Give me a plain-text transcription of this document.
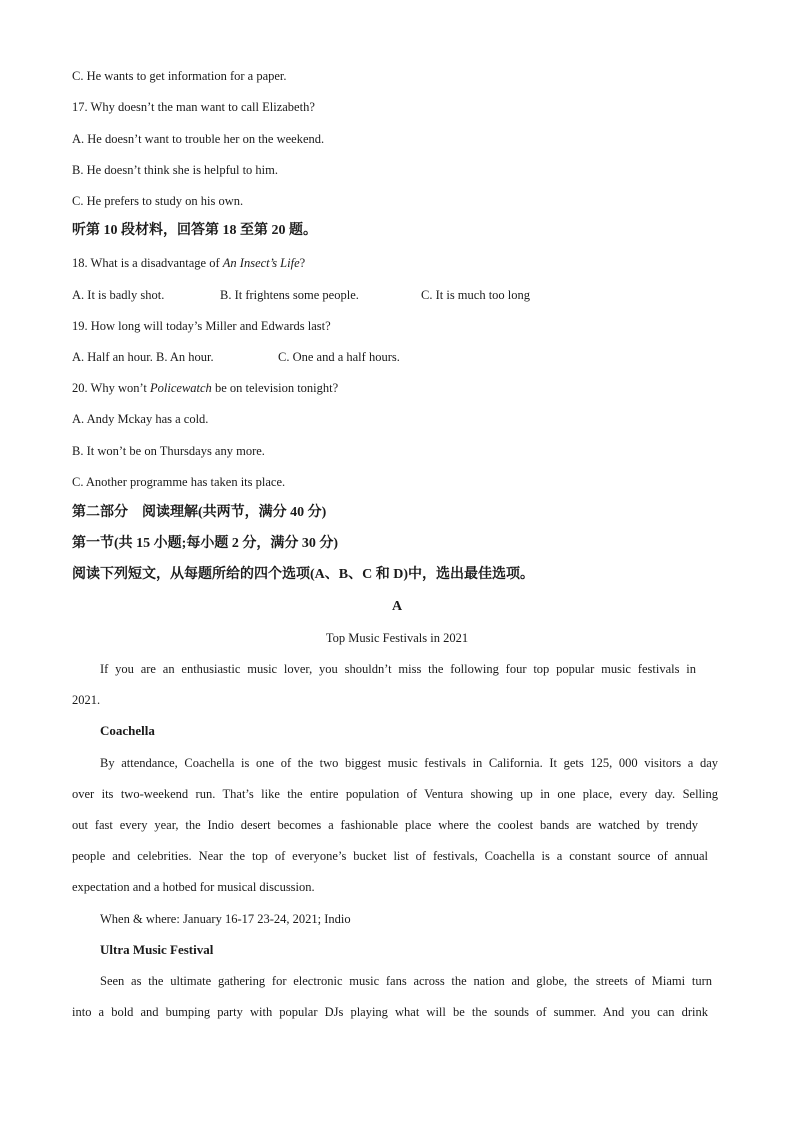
C. He wants to get information for a paper.
17. Why doesn’t the man want to call Elizabeth?
A. He doesn’t want to trouble her on the weekend.
B. He doesn’t think she is helpful to him.
C. He prefers to study on his own.
听第 10 段材料，回答第 18 至第 20 题。
18. What is a disadvantage of An Insect’s Life?
A. It is badly shot.	B. It frightens some people.	C. It is much too long
19. How long will today’s Miller and Edwards last?
A. Half an hour. B. An hour.	C. One and a half hours.
20. Why won’t Policewatch be on television tonight?
A. Andy Mckay has a cold.
B. It won’t be on Thursdays any more.
C. Another programme has taken its place.
第二部分　阅读理解(共两节，满分 40 分)
第一节(共 15 小题;每小题 2 分，满分 30 分)
阅读下列短文，从每题所给的四个选项(A、B、C 和 D)中，选出最佳选项。
A
Top Music Festivals in 2021
If you are an enthusiastic music lover, you shouldn’t miss the following four top popular music festivals in
2021.
Coachella
By attendance, Coachella is one of the two biggest music festivals in California. It gets 125, 000 visitors a day
over its two-weekend run. That’s like the entire population of Ventura showing up in one place, every day. Selling
out fast every year, the Indio desert becomes a fashionable place where the coolest bands are watched by trendy
people and celebrities. Near the top of everyone’s bucket list of festivals, Coachella is a constant source of annual
expectation and a hotbed for musical discussion.
When & where: January 16-17 23-24, 2021; Indio
Ultra Music Festival
Seen as the ultimate gathering for electronic music fans across the nation and globe, the streets of Miami turn
into a bold and bumping party with popular DJs playing what will be the sounds of summer. And you can drink
